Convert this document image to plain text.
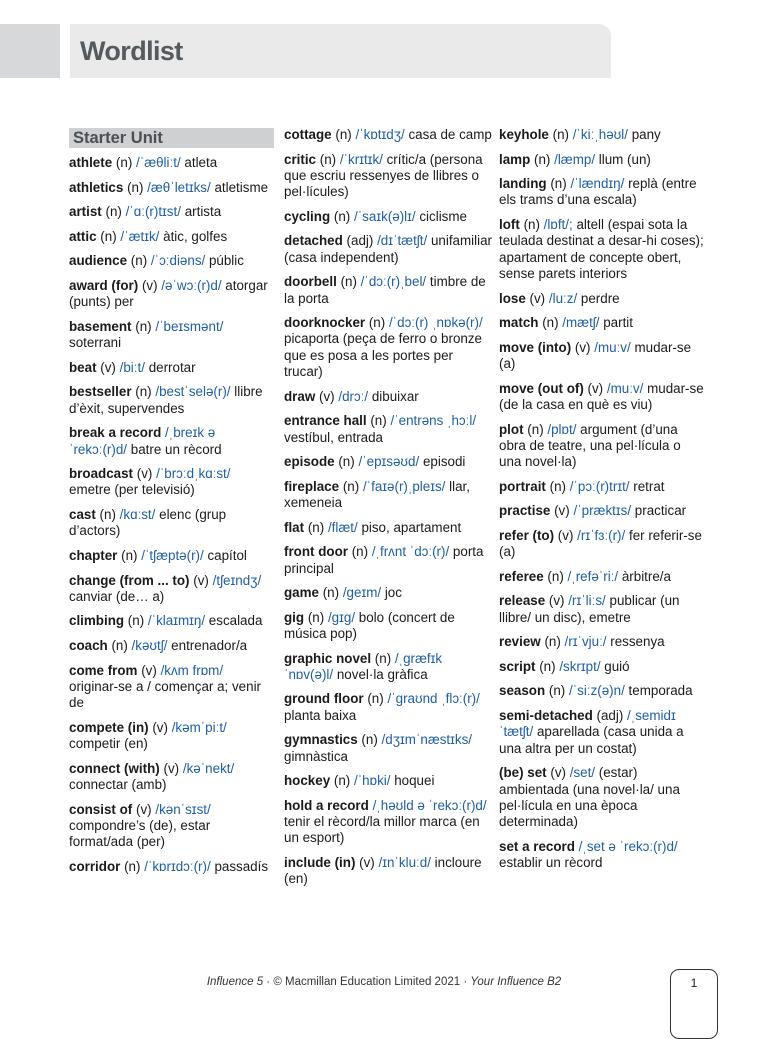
Wordlist
Starter Unit
athlete (n) /ˈæθliːt/ atleta
athletics (n) /æθˈletɪks/ atletisme
artist (n) /ˈɑː(r)tɪst/ artista
attic (n) /ˈætɪk/ àtic, golfes
audience (n) /ˈɔːdiəns/ públic
award (for) (v) /əˈwɔː(r)d/ atorgar (punts) per
basement (n) /ˈbeɪsmənt/ soterrani
beat (v) /biːt/ derrotar
bestseller (n) /bestˈselə(r)/ llibre d’èxit, supervendes
break a record /ˌbreɪk ə ˈrekɔː(r)d/ batre un rècord
broadcast (v) /ˈbrɔːdˌkɑːst/ emetre (per televisió)
cast (n) /kɑːst/ elenc (grup d’actors)
chapter (n) /ˈtʃæptə(r)/ capítol
change (from ... to) (v) /tʃeɪndʒ/ canviar (de… a)
climbing (n) /ˈklaɪmɪŋ/ escalada
coach (n) /kəʊtʃ/ entrenador/a
come from (v) /kʌm frɒm/ originar-se a / començar a; venir de
compete (in) (v) /kəmˈpiːt/ competir (en)
connect (with) (v) /kəˈnekt/ connectar (amb)
consist of (v) /kənˈsɪst/ compondre’s (de), estar format/ada (per)
corridor (n) /ˈkɒrɪdɔː(r)/ passadís
cottage (n) /ˈkɒtɪdʒ/ casa de camp
critic (n) /ˈkrɪtɪk/ crític/a (persona que escriu ressenyes de llibres o pel·lícules)
cycling (n) /ˈsaɪk(ə)lɪ/ ciclisme
detached (adj) /dɪˈtætʃt/ unifamiliar (casa independent)
doorbell (n) /ˈdɔː(r)ˌbel/ timbre de la porta
doorknocker (n) /ˈdɔː(r) ˌnɒkə(r)/ picaporta (peça de ferro o bronze que es posa a les portes per trucar)
draw (v) /drɔː/ dibuixar
entrance hall (n) /ˈentrəns ˌhɔːl/ vestíbul, entrada
episode (n) /ˈepɪsəʊd/ episodi
fireplace (n) /ˈfaɪə(r)ˌpleɪs/ llar, xemeneia
flat (n) /flæt/ piso, apartament
front door (n) /ˌfrʌnt ˈdɔː(r)/ porta principal
game (n) /ɡeɪm/ joc
gig (n) /ɡɪɡ/ bolo (concert de música pop)
graphic novel (n) /ˌɡræfɪk ˈnɒv(ə)l/ novel·la gràfica
ground floor (n) /ˈɡraʊnd ˌflɔː(r)/ planta baixa
gymnastics (n) /dʒɪmˈnæstɪks/ gimnàstica
hockey (n) /ˈhɒki/ hoquei
hold a record /ˌhəʊld ə ˈrekɔː(r)d/ tenir el rècord/la millor marca (en un esport)
include (in) (v) /ɪnˈkluːd/ incloure (en)
keyhole (n) /ˈkiːˌhəʊl/ pany
lamp (n) /læmp/ llum (un)
landing (n) /ˈlændɪŋ/ replà (entre els trams d’una escala)
loft (n) /lɒft/; altell (espai sota la teulada destinat a desar-hi coses); apartament de concepte obert, sense parets interiors
lose (v) /luːz/ perdre
match (n) /mætʃ/ partit
move (into) (v) /muːv/ mudar-se (a)
move (out of) (v) /muːv/ mudar-se (de la casa en què es viu)
plot (n) /plɒt/ argument (d’una obra de teatre, una pel·lícula o una novel·la)
portrait (n) /ˈpɔː(r)trɪt/ retrat
practise (v) /ˈpræktɪs/ practicar
refer (to) (v) /rɪˈfɜː(r)/ fer referir-se (a)
referee (n) /ˌrefəˈriː/ àrbitre/a
release (v) /rɪˈliːs/ publicar (un llibre/ un disc), emetre
review (n) /rɪˈvjuː/ ressenya
script (n) /skrɪpt/ guió
season (n) /ˈsiːz(ə)n/ temporada
semi-detached (adj) /ˌsemidɪˈtætʃt/ aparellada (casa unida a una altra per un costat)
(be) set (v) /set/ (estar) ambientada (una novel·la/ una pel·lícula en una època determinada)
set a record /ˌset ə ˈrekɔː(r)d/ establir un rècord
Influence 5 · © Macmillan Education Limited 2021 · Your Influence B2	1
